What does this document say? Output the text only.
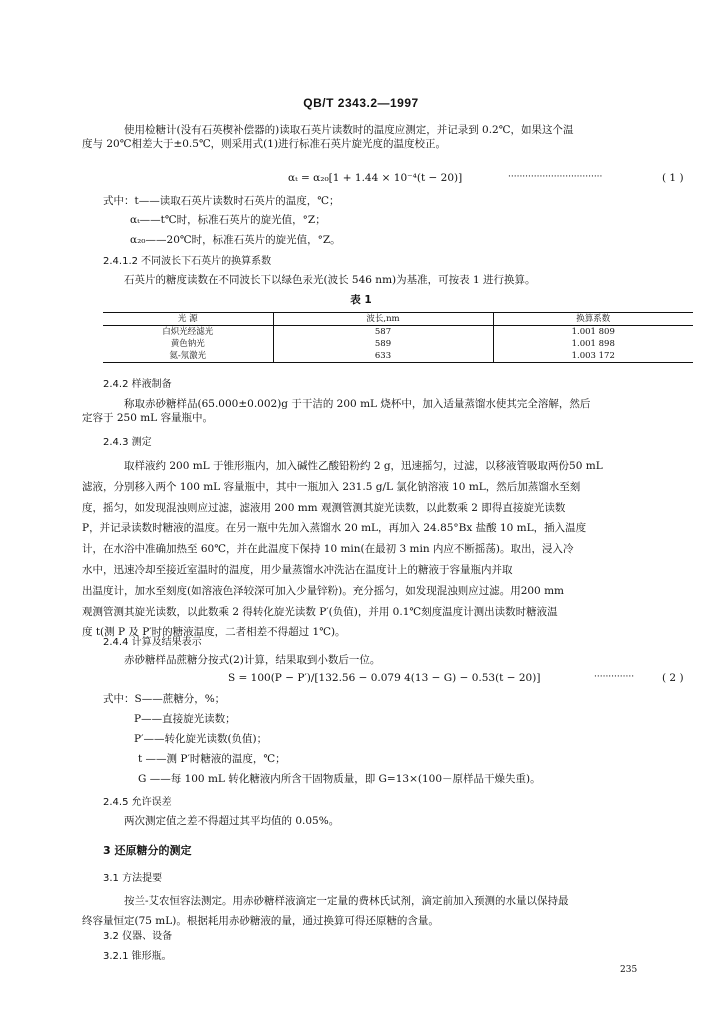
QB/T 2343.2—1997
使用检糖计(没有石英楔补偿器的)读取石英片读数时的温度应测定，并记录到 0.2℃，如果这个温
度与 20℃相差大于±0.5℃，则采用式(1)进行标准石英片旋光度的温度校正。
αₜ = α₂₀[1 + 1.44 × 10⁻⁴(t − 20)]	·································	( 1 )
式中：t——读取石英片读数时石英片的温度，℃；
αₜ——t℃时，标准石英片的旋光值，°Z；
α₂₀——20℃时，标准石英片的旋光值，°Z。
2.4.1.2 不同波长下石英片的换算系数
石英片的糖度读数在不同波长下以绿色汞光(波长 546 nm)为基准，可按表 1 进行换算。
表 1
光 源	波长,nm	换算系数
白炽光经滤光	587	1.001 809
黄色钠光	589	1.001 898
氦-氖激光	633	1.003 172
2.4.2 样液制备
称取赤砂糖样品(65.000±0.002)g 于干洁的 200 mL 烧杯中，加入适量蒸馏水使其完全溶解，然后
定容于 250 mL 容量瓶中。
2.4.3 测定
取样液约 200 mL 于锥形瓶内，加入碱性乙酸铅粉约 2 g，迅速摇匀，过滤，以移液管吸取两份50 mL
滤液，分别移入两个 100 mL 容量瓶中，其中一瓶加入 231.5 g/L 氯化钠溶液 10 mL，然后加蒸馏水至刻
度，摇匀，如发现混浊则应过滤，滤液用 200 mm 观测管测其旋光读数，以此数乘 2 即得直接旋光读数
P，并记录读数时糖液的温度。在另一瓶中先加入蒸馏水 20 mL，再加入 24.85°Bx 盐酸 10 mL，插入温度
计，在水浴中准确加热至 60℃，并在此温度下保持 10 min(在最初 3 min 内应不断摇荡)。取出，浸入冷
水中，迅速冷却至接近室温时的温度，用少量蒸馏水冲洗沾在温度计上的糖液于容量瓶内并取
出温度计，加水至刻度(如溶液色泽较深可加入少量锌粉)。充分摇匀，如发现混浊则应过滤。用200 mm
观测管测其旋光读数，以此数乘 2 得转化旋光读数 P′(负值)，并用 0.1℃刻度温度计测出读数时糖液温
度 t(测 P 及 P′时的糖液温度，二者相差不得超过 1℃)。
2.4.4 计算及结果表示
赤砂糖样品蔗糖分按式(2)计算，结果取到小数后一位。
S = 100(P − P′)/[132.56 − 0.079 4(13 − G) − 0.53(t − 20)]	··············	( 2 )
式中：S——蔗糖分，%；
P——直接旋光读数；
P′——转化旋光读数(负值)；
t ——测 P′时糖液的温度，℃；
G ——每 100 mL 转化糖液内所含干固物质量，即 G=13×(100－原样品干燥失重)。
2.4.5 允许误差
两次测定值之差不得超过其平均值的 0.05%。
3 还原糖分的测定
3.1 方法提要
按兰-艾农恒容法测定。用赤砂糖样液滴定一定量的费林氏试剂，滴定前加入预测的水量以保持最
终容量恒定(75 mL)。根据耗用赤砂糖液的量，通过换算可得还原糖的含量。
3.2 仪器、设备
3.2.1 锥形瓶。
235
